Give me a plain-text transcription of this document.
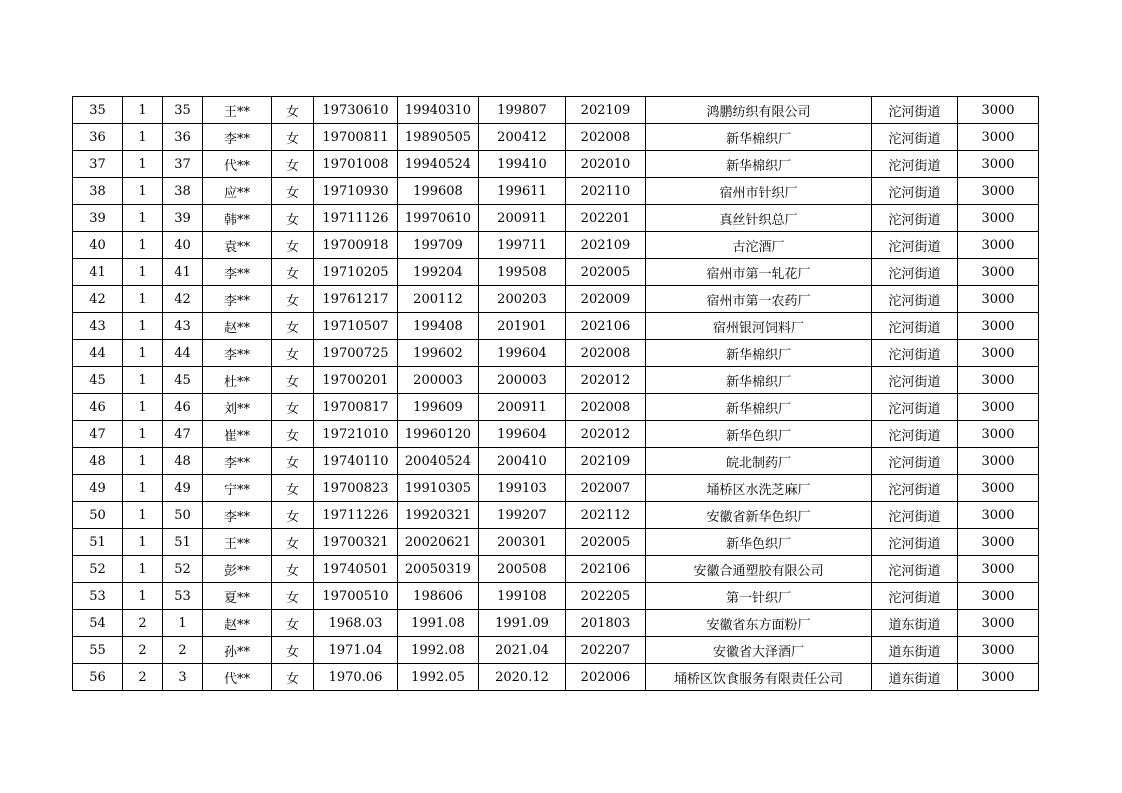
35	1	35	王**	女	19730610	19940310	199807	202109	鸿鹏纺织有限公司	沱河街道	3000
36	1	36	李**	女	19700811	19890505	200412	202008	新华棉织厂	沱河街道	3000
37	1	37	代**	女	19701008	19940524	199410	202010	新华棉织厂	沱河街道	3000
38	1	38	应**	女	19710930	199608	199611	202110	宿州市针织厂	沱河街道	3000
39	1	39	韩**	女	19711126	19970610	200911	202201	真丝针织总厂	沱河街道	3000
40	1	40	袁**	女	19700918	199709	199711	202109	古沱酒厂	沱河街道	3000
41	1	41	李**	女	19710205	199204	199508	202005	宿州市第一轧花厂	沱河街道	3000
42	1	42	李**	女	19761217	200112	200203	202009	宿州市第一农药厂	沱河街道	3000
43	1	43	赵**	女	19710507	199408	201901	202106	宿州银河饲料厂	沱河街道	3000
44	1	44	李**	女	19700725	199602	199604	202008	新华棉织厂	沱河街道	3000
45	1	45	杜**	女	19700201	200003	200003	202012	新华棉织厂	沱河街道	3000
46	1	46	刘**	女	19700817	199609	200911	202008	新华棉织厂	沱河街道	3000
47	1	47	崔**	女	19721010	19960120	199604	202012	新华色织厂	沱河街道	3000
48	1	48	李**	女	19740110	20040524	200410	202109	皖北制药厂	沱河街道	3000
49	1	49	宁**	女	19700823	19910305	199103	202007	埇桥区水洗芝麻厂	沱河街道	3000
50	1	50	李**	女	19711226	19920321	199207	202112	安徽省新华色织厂	沱河街道	3000
51	1	51	王**	女	19700321	20020621	200301	202005	新华色织厂	沱河街道	3000
52	1	52	彭**	女	19740501	20050319	200508	202106	安徽合通塑胶有限公司	沱河街道	3000
53	1	53	夏**	女	19700510	198606	199108	202205	第一针织厂	沱河街道	3000
54	2	1	赵**	女	1968.03	1991.08	1991.09	201803	安徽省东方面粉厂	道东街道	3000
55	2	2	孙**	女	1971.04	1992.08	2021.04	202207	安徽省大泽酒厂	道东街道	3000
56	2	3	代**	女	1970.06	1992.05	2020.12	202006	埇桥区饮食服务有限责任公司	道东街道	3000
